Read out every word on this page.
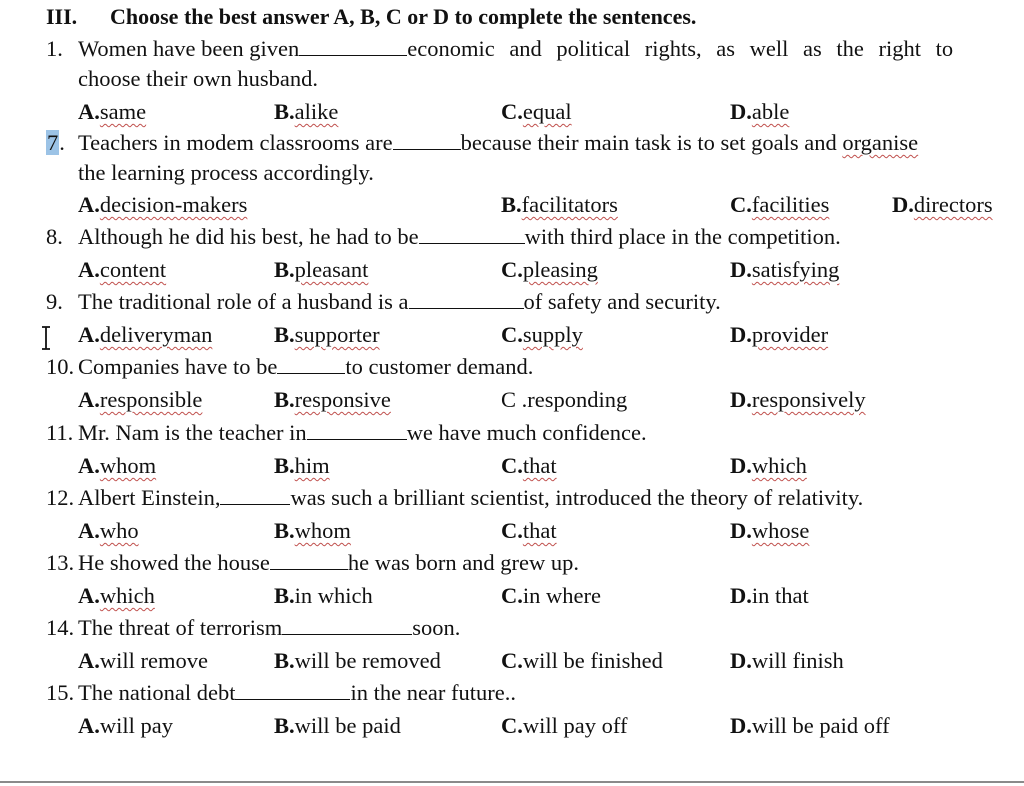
III. Choose the best answer A, B, C or D to complete the sentences.
1. Women have been given	economic and political rights, as well as the right to
choose their own husband.
A.same	B.alike	C.equal	D.able
7. Teachers in modem classrooms are	because their main task is to set goals and organise
the learning process accordingly.
A.decision-makers	B.facilitators	C.facilities	D.directors
8. Although he did his best, he had to be	with third place in the competition.
A.content	B.pleasant	C.pleasing	D.satisfying
9. The traditional role of a husband is a	of safety and security.
A.deliveryman	B.supporter	C.supply	D.provider
10. Companies have to be	to customer demand.
A.responsible	B.responsive	C .responding	D.responsively
11. Mr. Nam is the teacher in	we have much confidence.
A.whom	B.him	C.that	D.which
12. Albert Einstein,	was such a brilliant scientist, introduced the theory of relativity.
A.who	B.whom	C.that	D.whose
13. He showed the house	he was born and grew up.
A.which	B.in which	C.in where	D.in that
14. The threat of terrorism	soon.
A.will remove	B.will be removed	C.will be finished	D.will finish
15. The national debt	in the near future..
A.will pay	B.will be paid	C.will pay off	D.will be paid off
